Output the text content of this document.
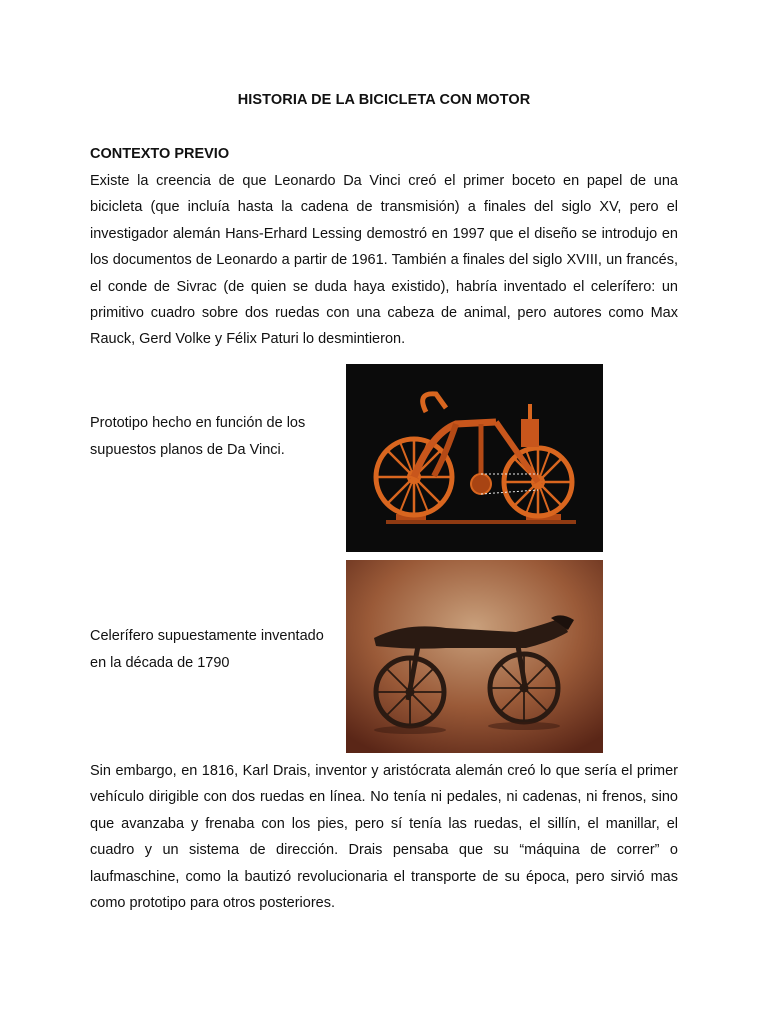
HISTORIA DE LA BICICLETA CON MOTOR
CONTEXTO PREVIO

Existe la creencia de que Leonardo Da Vinci creó el primer boceto en papel de una bicicleta (que incluía hasta la cadena de transmisión) a finales del siglo XV, pero el investigador alemán Hans-Erhard Lessing demostró en 1997 que el diseño se introdujo en los documentos de Leonardo a partir de 1961. También a finales del siglo XVIII, un francés, el conde de Sivrac (de quien se duda haya existido), habría inventado el celerífero: un primitivo cuadro sobre dos ruedas con una cabeza de animal, pero autores como Max Rauck, Gerd Volke y Félix Paturi lo desmintieron.

Prototipo hecho en función de los supuestos planos de Da Vinci.

Celerífero supuestamente inventado en la década de 1790

Sin embargo, en 1816, Karl Drais, inventor y aristócrata alemán creó lo que sería el primer vehículo dirigible con dos ruedas en línea. No tenía ni pedales, ni cadenas, ni frenos, sino que avanzaba y frenaba con los pies, pero sí tenía las ruedas, el sillín, el manillar, el cuadro y un sistema de dirección. Drais pensaba que su “máquina de correr” o laufmaschine, como la bautizó revolucionaria el transporte de su época, pero sirvió mas como prototipo para otros posteriores.
